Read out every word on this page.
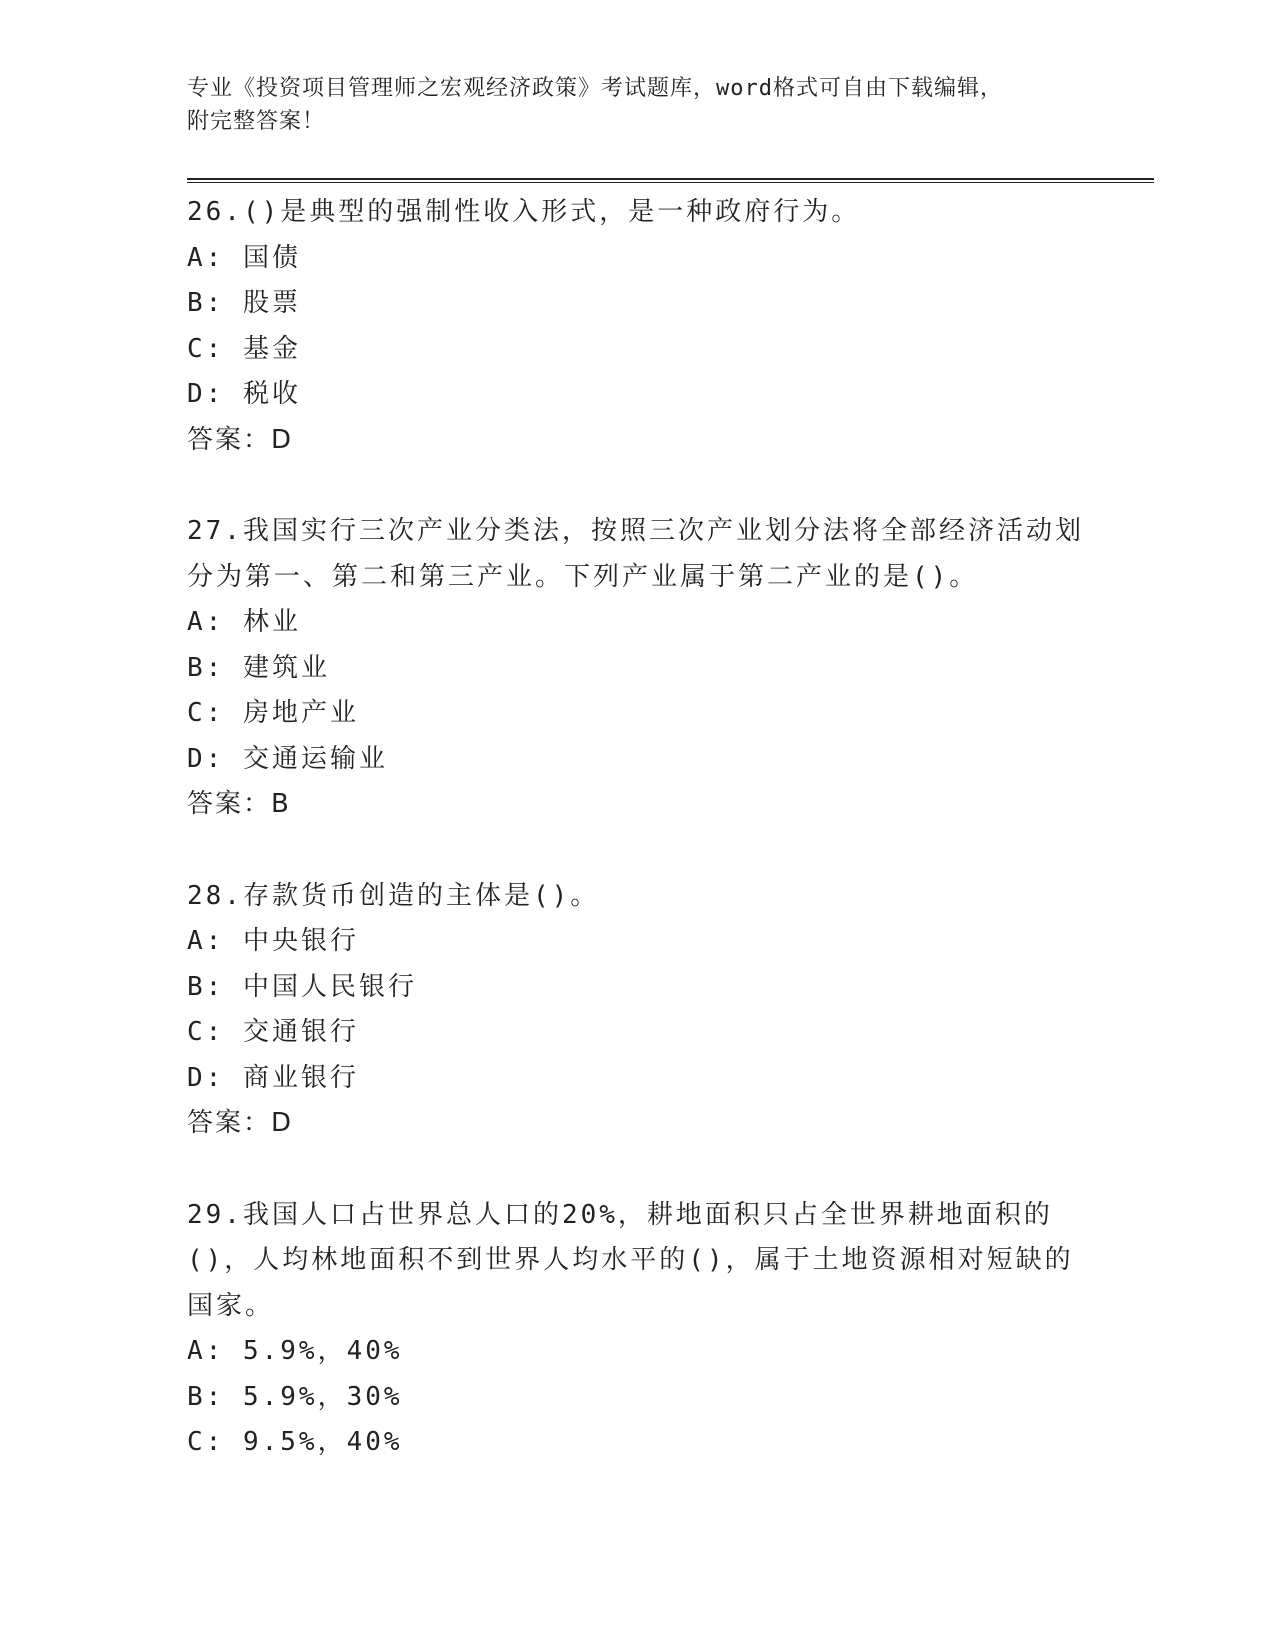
专业《投资项目管理师之宏观经济政策》考试题库，word格式可自由下载编辑，
附完整答案！
26.()是典型的强制性收入形式，是一种政府行为。
A: 国债
B: 股票
C: 基金
D: 税收
答案：D
27.我国实行三次产业分类法，按照三次产业划分法将全部经济活动划分为第一、第二和第三产业。下列产业属于第二产业的是()。
A: 林业
B: 建筑业
C: 房地产业
D: 交通运输业
答案：B
28.存款货币创造的主体是()。
A: 中央银行
B: 中国人民银行
C: 交通银行
D: 商业银行
答案：D
29.我国人口占世界总人口的20%，耕地面积只占全世界耕地面积的()，人均林地面积不到世界人均水平的()，属于土地资源相对短缺的国家。
A: 5.9%，40%
B: 5.9%，30%
C: 9.5%，40%
